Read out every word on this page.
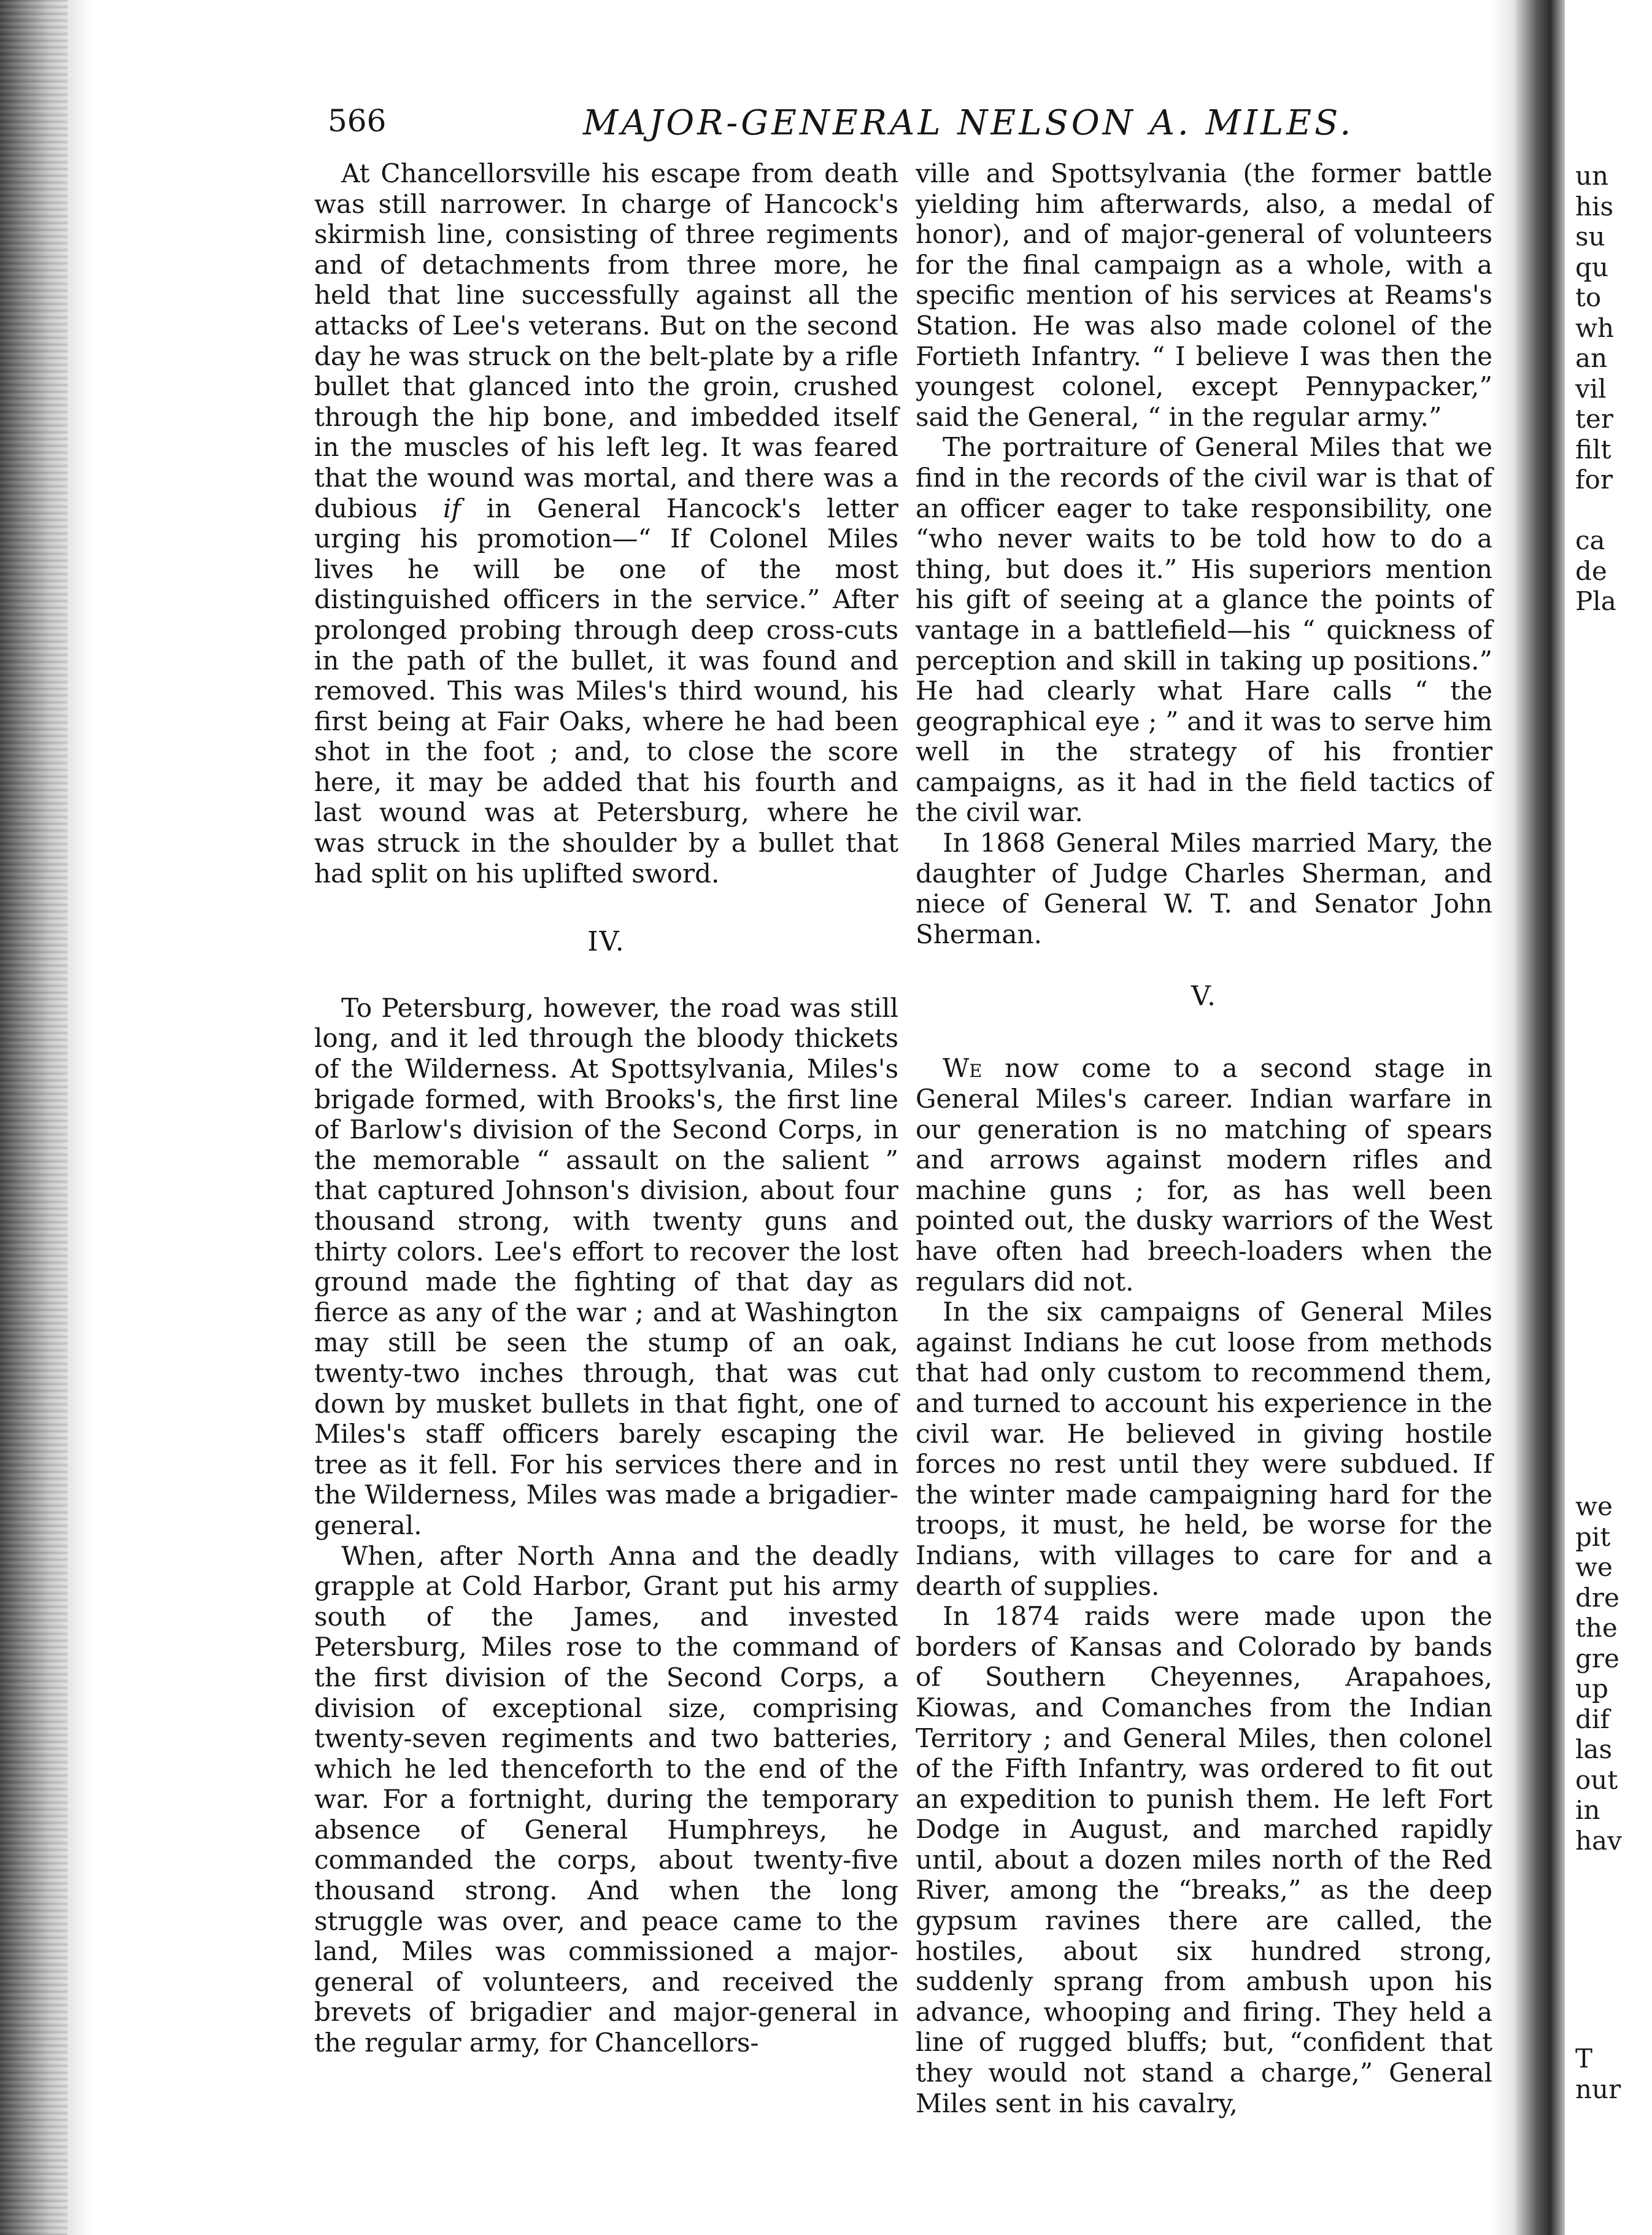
566	MAJOR-GENERAL NELSON A. MILES.

At Chancellorsville his escape from death was still narrower. In charge of Hancock's skirmish line, consisting of three regiments and of detachments from three more, he held that line successfully against all the attacks of Lee's veterans. But on the second day he was struck on the belt-plate by a rifle bullet that glanced into the groin, crushed through the hip bone, and imbedded itself in the muscles of his left leg. It was feared that the wound was mortal, and there was a dubious if in General Hancock's letter urging his promotion—“ If Colonel Miles lives he will be one of the most distinguished officers in the service.” After prolonged probing through deep cross-cuts in the path of the bullet, it was found and removed. This was Miles's third wound, his first being at Fair Oaks, where he had been shot in the foot ; and, to close the score here, it may be added that his fourth and last wound was at Petersburg, where he was struck in the shoulder by a bullet that had split on his uplifted sword.

IV.

To Petersburg, however, the road was still long, and it led through the bloody thickets of the Wilderness. At Spottsylvania, Miles's brigade formed, with Brooks's, the first line of Barlow's division of the Second Corps, in the memorable “ assault on the salient ” that captured Johnson's division, about four thousand strong, with twenty guns and thirty colors. Lee's effort to recover the lost ground made the fighting of that day as fierce as any of the war ; and at Washington may still be seen the stump of an oak, twenty-two inches through, that was cut down by musket bullets in that fight, one of Miles's staff officers barely escaping the tree as it fell. For his services there and in the Wilderness, Miles was made a brigadier-general.

When, after North Anna and the deadly grapple at Cold Harbor, Grant put his army south of the James, and invested Petersburg, Miles rose to the command of the first division of the Second Corps, a division of exceptional size, comprising twenty-seven regiments and two batteries, which he led thenceforth to the end of the war. For a fortnight, during the temporary absence of General Humphreys, he commanded the corps, about twenty-five thousand strong. And when the long struggle was over, and peace came to the land, Miles was commissioned a major-general of volunteers, and received the brevets of brigadier and major-general in the regular army, for Chancellors-

ville and Spottsylvania (the former battle yielding him afterwards, also, a medal of honor), and of major-general of volunteers for the final campaign as a whole, with a specific mention of his services at Reams's Station. He was also made colonel of the Fortieth Infantry. “ I believe I was then the youngest colonel, except Pennypacker,” said the General, “ in the regular army.”

The portraiture of General Miles that we find in the records of the civil war is that of an officer eager to take responsibility, one “who never waits to be told how to do a thing, but does it.” His superiors mention his gift of seeing at a glance the points of vantage in a battlefield—his “ quickness of perception and skill in taking up positions.” He had clearly what Hare calls “ the geographical eye ; ” and it was to serve him well in the strategy of his frontier campaigns, as it had in the field tactics of the civil war.

In 1868 General Miles married Mary, the daughter of Judge Charles Sherman, and niece of General W. T. and Senator John Sherman.

V.

We now come to a second stage in General Miles's career. Indian warfare in our generation is no matching of spears and arrows against modern rifles and machine guns ; for, as has well been pointed out, the dusky warriors of the West have often had breech-loaders when the regulars did not.

In the six campaigns of General Miles against Indians he cut loose from methods that had only custom to recommend them, and turned to account his experience in the civil war. He believed in giving hostile forces no rest until they were subdued. If the winter made campaigning hard for the troops, it must, he held, be worse for the Indians, with villages to care for and a dearth of supplies.

In 1874 raids were made upon the borders of Kansas and Colorado by bands of Southern Cheyennes, Arapahoes, Kiowas, and Comanches from the Indian Territory ; and General Miles, then colonel of the Fifth Infantry, was ordered to fit out an expedition to punish them. He left Fort Dodge in August, and marched rapidly until, about a dozen miles north of the Red River, among the “breaks,” as the deep gypsum ravines there are called, the hostiles, about six hundred strong, suddenly sprang from ambush upon his advance, whooping and firing. They held a line of rugged bluffs; but, “confident that they would not stand a charge,” General Miles sent in his cavalry,

un
his
su
qu
to
wh
an
vil
ter
filt
for
ca
de
Pla
we
pit
we
dre
the
gre
up
dif
las
out
in
hav
T
nur
